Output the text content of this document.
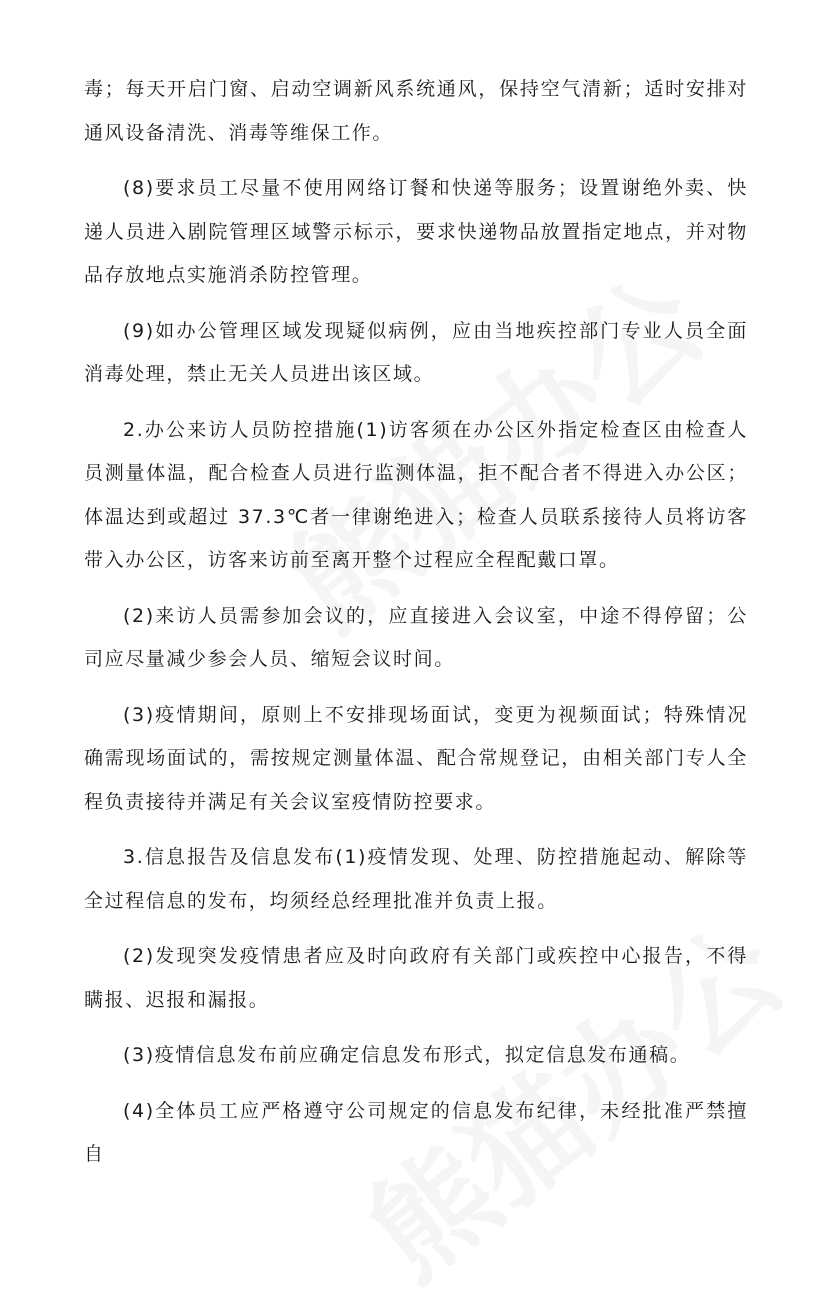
毒；每天开启门窗、启动空调新风系统通风，保持空气清新；适时安排对通风设备清洗、消毒等维保工作。

(8)要求员工尽量不使用网络订餐和快递等服务；设置谢绝外卖、快递人员进入剧院管理区域警示标示，要求快递物品放置指定地点，并对物品存放地点实施消杀防控管理。

(9)如办公管理区域发现疑似病例，应由当地疾控部门专业人员全面消毒处理，禁止无关人员进出该区域。

2.办公来访人员防控措施(1)访客须在办公区外指定检查区由检查人员测量体温，配合检查人员进行监测体温，拒不配合者不得进入办公区；体温达到或超过 37.3℃者一律谢绝进入；检查人员联系接待人员将访客带入办公区，访客来访前至离开整个过程应全程配戴口罩。

(2)来访人员需参加会议的，应直接进入会议室，中途不得停留；公司应尽量减少参会人员、缩短会议时间。

(3)疫情期间，原则上不安排现场面试，变更为视频面试；特殊情况确需现场面试的，需按规定测量体温、配合常规登记，由相关部门专人全程负责接待并满足有关会议室疫情防控要求。

3.信息报告及信息发布(1)疫情发现、处理、防控措施起动、解除等全过程信息的发布，均须经总经理批准并负责上报。

(2)发现突发疫情患者应及时向政府有关部门或疾控中心报告，不得瞒报、迟报和漏报。

(3)疫情信息发布前应确定信息发布形式，拟定信息发布通稿。

(4)全体员工应严格遵守公司规定的信息发布纪律，未经批准严禁擅自
